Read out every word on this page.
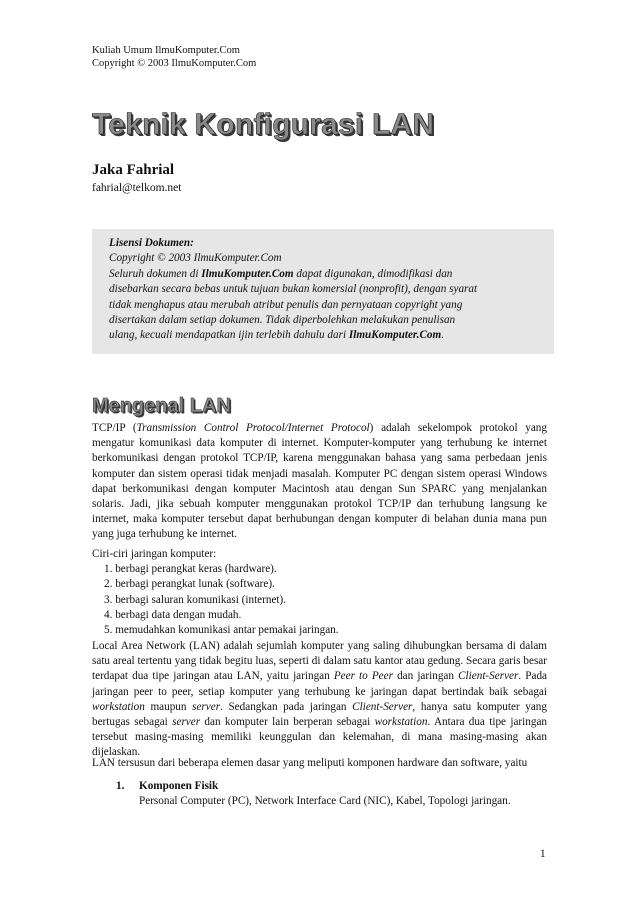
Kuliah Umum IlmuKomputer.Com
Copyright © 2003 IlmuKomputer.Com
Teknik Konfigurasi LAN
Jaka Fahrial
fahrial@telkom.net
Lisensi Dokumen:
Copyright © 2003 IlmuKomputer.Com
Seluruh dokumen di IlmuKomputer.Com dapat digunakan, dimodifikasi dan
disebarkan secara bebas untuk tujuan bukan komersial (nonprofit), dengan syarat
tidak menghapus atau merubah atribut penulis dan pernyataan copyright yang
disertakan dalam setiap dokumen. Tidak diperbolehkan melakukan penulisan
ulang, kecuali mendapatkan ijin terlebih dahulu dari IlmuKomputer.Com.
Mengenal LAN

TCP/IP (Transmission Control Protocol/Internet Protocol) adalah sekelompok protokol yang mengatur komunikasi data komputer di internet. Komputer-komputer yang terhubung ke internet berkomunikasi dengan protokol TCP/IP, karena menggunakan bahasa yang sama perbedaan jenis komputer dan sistem operasi tidak menjadi masalah. Komputer PC dengan sistem operasi Windows dapat berkomunikasi dengan komputer Macintosh atau dengan Sun SPARC yang menjalankan solaris. Jadi, jika sebuah komputer menggunakan protokol TCP/IP dan terhubung langsung ke internet, maka komputer tersebut dapat berhubungan dengan komputer di belahan dunia mana pun yang juga terhubung ke internet.

Ciri-ciri jaringan komputer:
1. berbagi perangkat keras (hardware).
2. berbagi perangkat lunak (software).
3. berbagi saluran komunikasi (internet).
4. berbagi data dengan mudah.
5. memudahkan komunikasi antar pemakai jaringan.

Local Area Network (LAN) adalah sejumlah komputer yang saling dihubungkan bersama di dalam satu areal tertentu yang tidak begitu luas, seperti di dalam satu kantor atau gedung. Secara garis besar terdapat dua tipe jaringan atau LAN, yaitu jaringan Peer to Peer dan jaringan Client-Server. Pada jaringan peer to peer, setiap komputer yang terhubung ke jaringan dapat bertindak baik sebagai workstation maupun server. Sedangkan pada jaringan Client-Server, hanya satu komputer yang bertugas sebagai server dan komputer lain berperan sebagai workstation. Antara dua tipe jaringan tersebut masing-masing memiliki keunggulan dan kelemahan, di mana masing-masing akan dijelaskan.

LAN tersusun dari beberapa elemen dasar yang meliputi komponen hardware dan software, yaitu

1. Komponen Fisik
Personal Computer (PC), Network Interface Card (NIC), Kabel, Topologi jaringan.
1
